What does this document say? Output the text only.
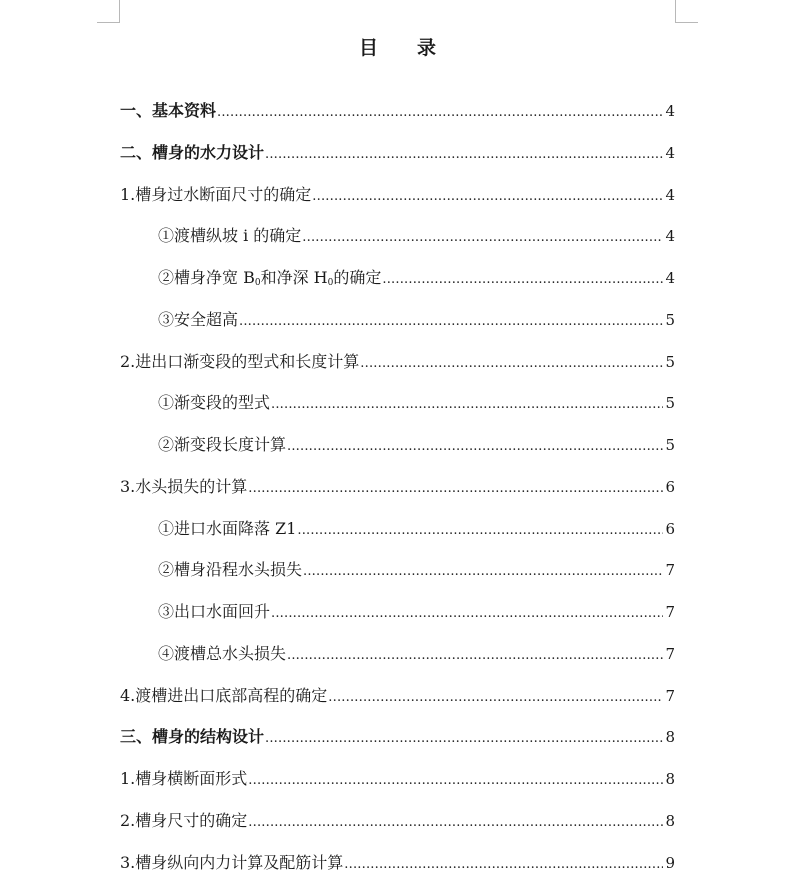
目 录
一、基本资料 .....	4
二、槽身的水力设计 .....	4
1.槽身过水断面尺寸的确定 .....	4
①渡槽纵坡 i 的确定 .....	4
②槽身净宽 $B_0$和净深 $H_0$的确定 .....	4
③安全超高 .....	5
2.进出口渐变段的型式和长度计算 .....	5
①渐变段的型式 .....	5
②渐变段长度计算 .....	5
3.水头损失的计算 .....	6
①进口水面降落 Z1 .....	6
②槽身沿程水头损失 .....	7
③出口水面回升 .....	7
④渡槽总水头损失 .....	7
4.渡槽进出口底部高程的确定 .....	7
三、槽身的结构设计 .....	8
1.槽身横断面形式 .....	8
2.槽身尺寸的确定 .....	8
3.槽身纵向内力计算及配筋计算 .....	9
